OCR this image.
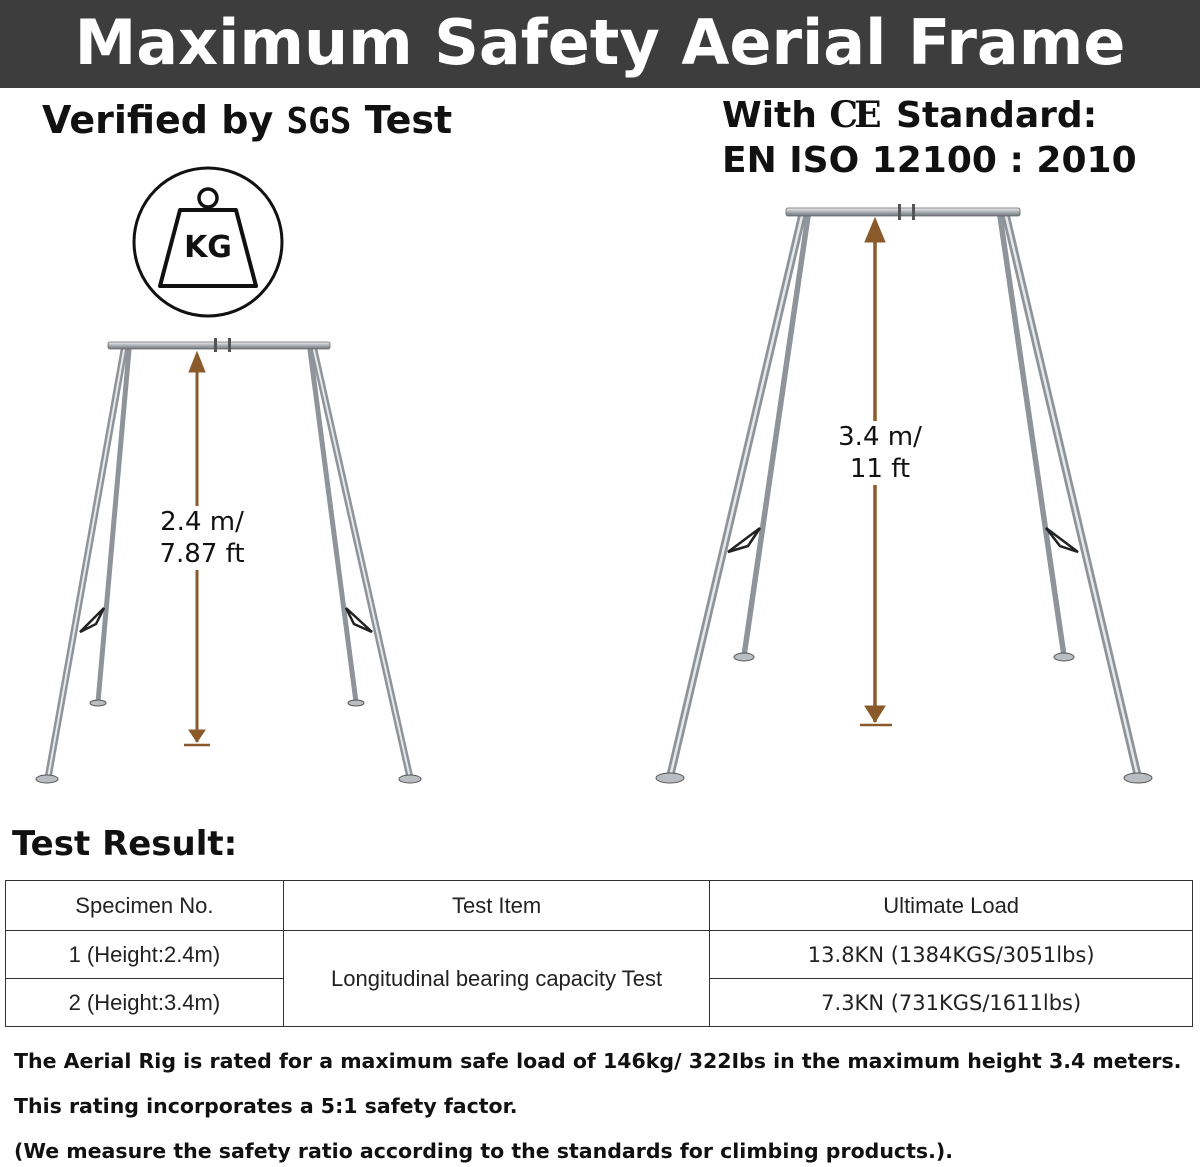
Maximum Safety Aerial Frame
Verified by SGS Test	With CE Standard:
EN ISO 12100 : 2010
KG
2.4 m/
7.87 ft
3.4 m/
11 ft
Test Result:
Specimen No.	Test Item	Ultimate Load
1 (Height:2.4m)	Longitudinal bearing capacity Test	13.8KN (1384KGS/3051lbs)
2 (Height:3.4m)		7.3KN (731KGS/1611lbs)
The Aerial Rig is rated for a maximum safe load of 146kg/ 322Ibs in the maximum height 3.4 meters.
This rating incorporates a 5:1 safety factor.
(We measure the safety ratio according to the standards for climbing products.).
